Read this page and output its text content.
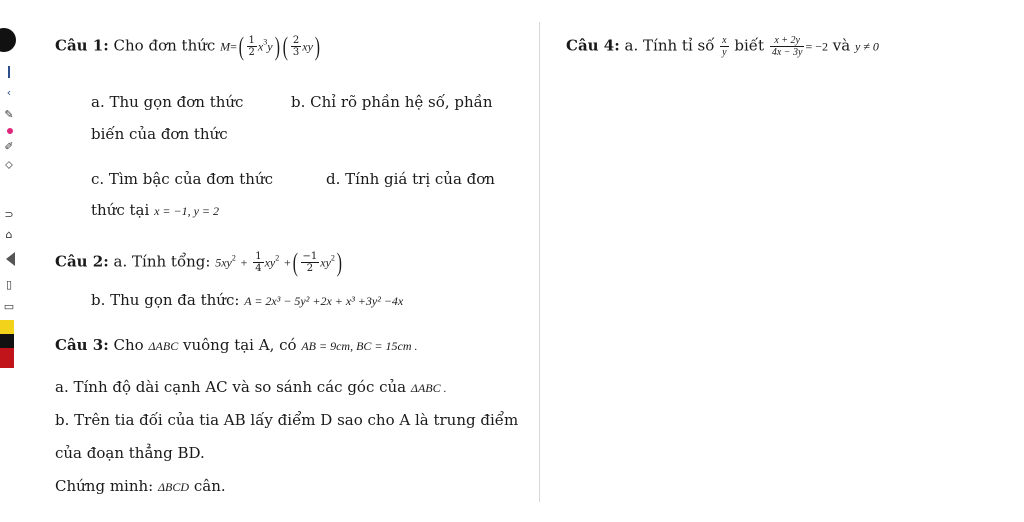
‹
✎
✐
⬦
⊃
⌂
▯
▭
Câu 1: Cho đơn thức $M=( \frac{1}{2} x^3y)$ ( $\frac{2}{3} xy$)
a. Thu gọn đơn thức	b. Chỉ rõ phần hệ số, phần
biến của đơn thức
c. Tìm bậc của đơn thức	d. Tính giá trị của đơn
thức tại x = −1, y = 2
Câu 2: a. Tính tổng: $5xy^2 + \frac{1}{4} xy^2$ +( $\frac{-1}{2} xy^2$)
b. Thu gọn đa thức: A = 2x³ − 5y² +2x + x³ +3y² −4x
Câu 3: Cho ΔABC vuông tại A, có AB = 9cm, BC = 15cm .
a. Tính độ dài cạnh AC và so sánh các góc của ΔABC .
b. Trên tia đối của tia AB lấy điểm D sao cho A là trung điểm
của đoạn thẳng BD.
Chứng minh: ΔBCD cân.
Câu 4: a. Tính tỉ số $\frac{x}{y}$ biết $\frac{x + 2y}{4x - 3y} = -2$ và y ≠ 0
